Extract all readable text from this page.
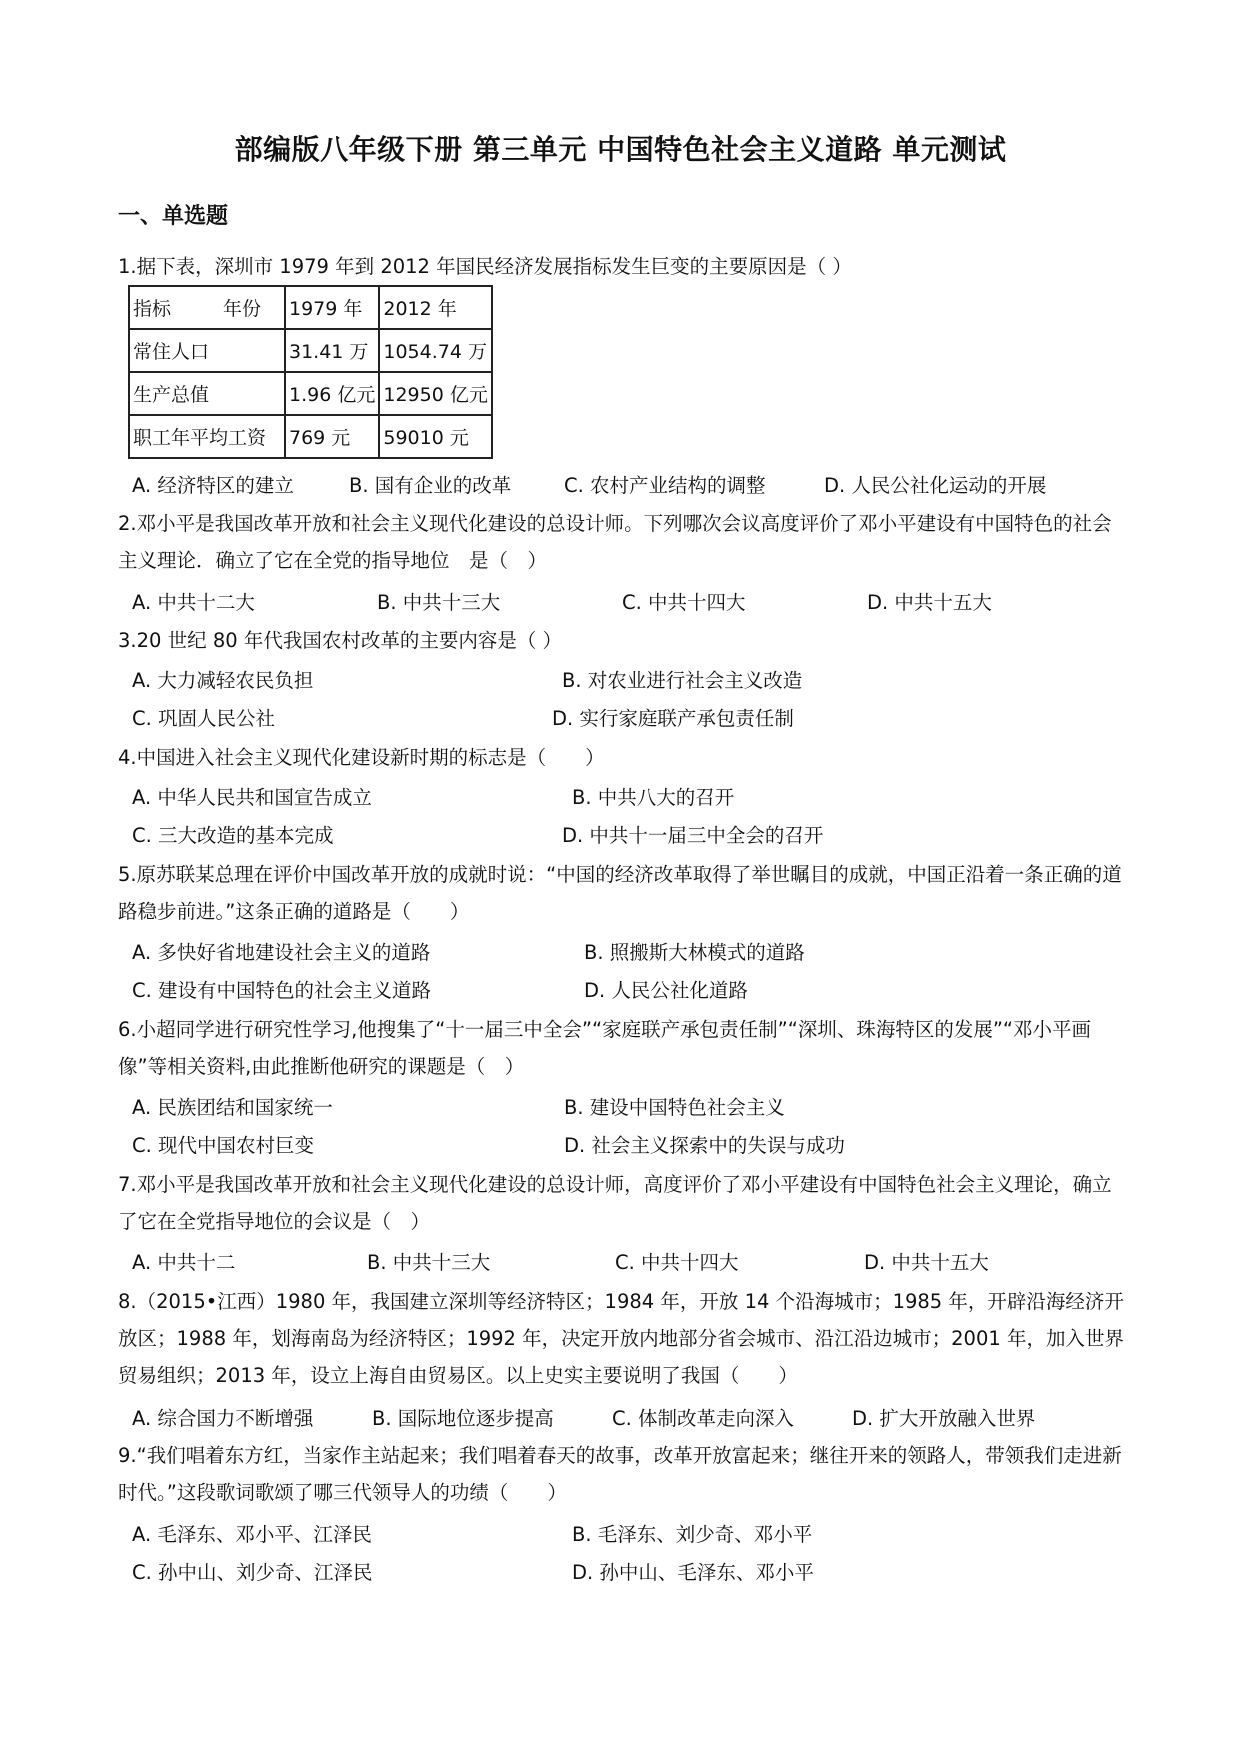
部编版八年级下册 第三单元 中国特色社会主义道路 单元测试
一、单选题
1.据下表，深圳市 1979 年到 2012 年国民经济发展指标发生巨变的主要原因是（ ）
指标 年份	1979 年	2012 年
常住人口	31.41 万	1054.74 万
生产总值	1.96 亿元	12950 亿元
职工年平均工资	769 元	59010 元
A. 经济特区的建立	B. 国有企业的改革	C. 农村产业结构的调整	D. 人民公社化运动的开展
2.邓小平是我国改革开放和社会主义现代化建设的总设计师。下列哪次会议高度评价了邓小平建设有中国特色的社会主义理论．确立了它在全党的指导地位　是（　）
A. 中共十二大	B. 中共十三大	C. 中共十四大	D. 中共十五大
3.20 世纪 80 年代我国农村改革的主要内容是（ ）
A. 大力减轻农民负担	B. 对农业进行社会主义改造
C. 巩固人民公社	D. 实行家庭联产承包责任制
4.中国进入社会主义现代化建设新时期的标志是（　　）
A. 中华人民共和国宣告成立	B. 中共八大的召开
C. 三大改造的基本完成	D. 中共十一届三中全会的召开
5.原苏联某总理在评价中国改革开放的成就时说：“中国的经济改革取得了举世瞩目的成就，中国正沿着一条正确的道路稳步前进。”这条正确的道路是（　　）
A. 多快好省地建设社会主义的道路	B. 照搬斯大林模式的道路
C. 建设有中国特色的社会主义道路	D. 人民公社化道路
6.小超同学进行研究性学习,他搜集了“十一届三中全会”“家庭联产承包责任制”“深圳、珠海特区的发展”“邓小平画像”等相关资料,由此推断他研究的课题是（　）
A. 民族团结和国家统一	B. 建设中国特色社会主义
C. 现代中国农村巨变	D. 社会主义探索中的失误与成功
7.邓小平是我国改革开放和社会主义现代化建设的总设计师，高度评价了邓小平建设有中国特色社会主义理论，确立了它在全党指导地位的会议是（　）
A. 中共十二	B. 中共十三大	C. 中共十四大	D. 中共十五大
8.（2015•江西）1980 年，我国建立深圳等经济特区；1984 年，开放 14 个沿海城市；1985 年，开辟沿海经济开放区；1988 年，划海南岛为经济特区；1992 年，决定开放内地部分省会城市、沿江沿边城市；2001 年，加入世界贸易组织；2013 年，设立上海自由贸易区。以上史实主要说明了我国（　　）
A. 综合国力不断增强	B. 国际地位逐步提高	C. 体制改革走向深入	D. 扩大开放融入世界
9.“我们唱着东方红，当家作主站起来；我们唱着春天的故事，改革开放富起来；继往开来的领路人，带领我们走进新时代。”这段歌词歌颂了哪三代领导人的功绩（　　）
A. 毛泽东、邓小平、江泽民	B. 毛泽东、刘少奇、邓小平
C. 孙中山、刘少奇、江泽民	D. 孙中山、毛泽东、邓小平
